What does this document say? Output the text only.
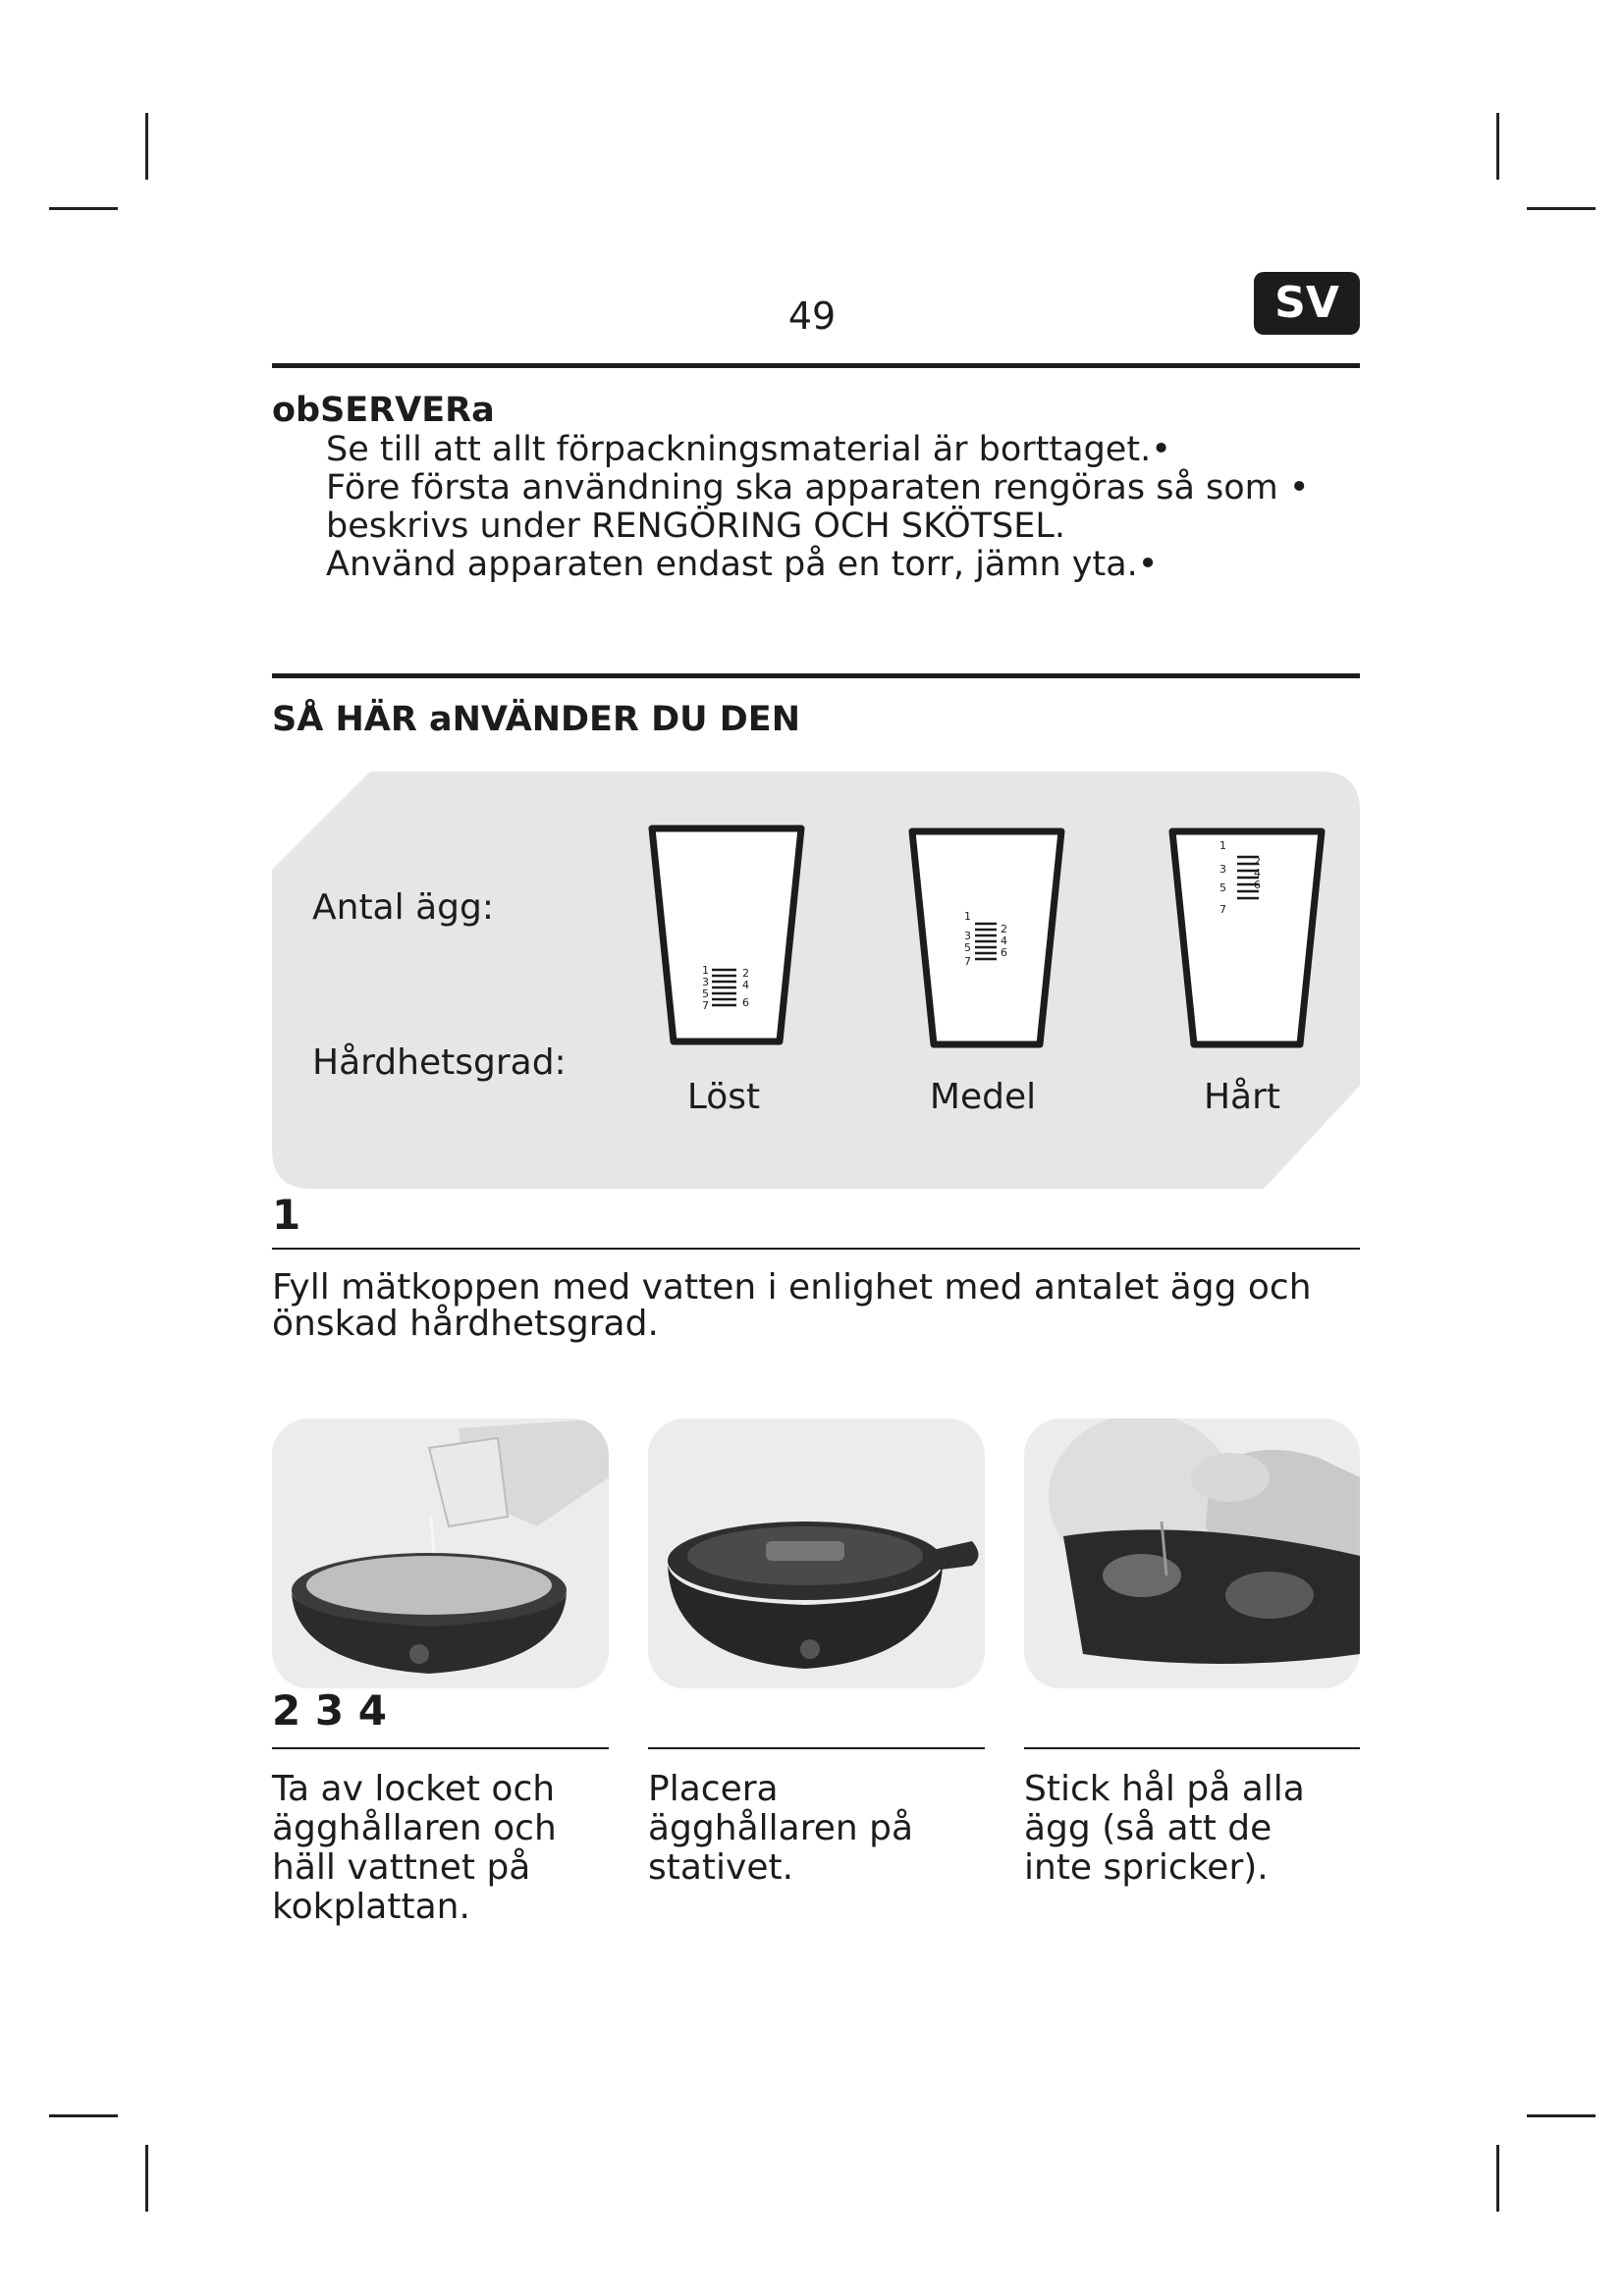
49	SV
obSERVERa
Se till att allt förpackningsmaterial är borttaget.•
Före första användning ska apparaten rengöras så som •
beskrivs under RENGÖRING OCH SKÖTSEL.
Använd apparaten endast på en torr, jämn yta.•
SÅ HÄR aNVÄNDER DU DEN
Antal ägg:
Hårdhetsgrad:
1
3
5
7
2
4
6
1
3
5
7
2
4
6
1
3
5
7
2
4
6
Löst	Medel	Hårt
1
Fyll mätkoppen med vatten i enlighet med antalet ägg och önskad hårdhetsgrad.
2 3 4
Ta av locket och ägghållaren och häll vattnet på kokplattan.
Placera ägghållaren på stativet.
Stick hål på alla ägg (så att de inte spricker).
